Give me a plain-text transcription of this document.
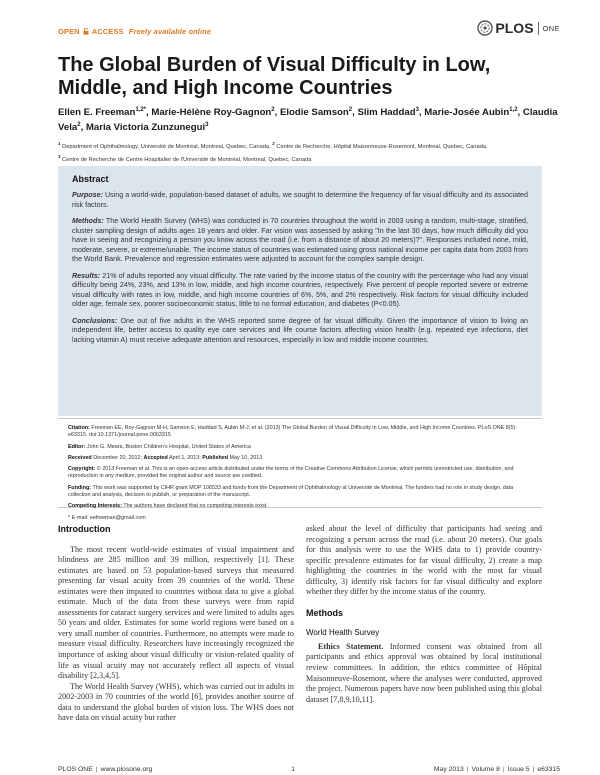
OPEN ACCESS Freely available online	PLOS ONE
The Global Burden of Visual Difficulty in Low, Middle, and High Income Countries
Ellen E. Freeman$^{1,2*}$, Marie-Hélène Roy-Gagnon$^2$, Elodie Samson$^2$, Slim Haddad$^3$, Marie-Josée Aubin$^{1,2}$, Claudia Vela$^2$, Maria Victoria Zunzunegui$^3$
$^1$ Department of Ophthalmology, Université de Montréal, Montreal, Quebec, Canada, $^2$ Centre de Recherche, Hôpital Maisonneuve-Rosemont, Montreal, Quebec, Canada,
$^3$ Centre de Recherche de Centre Hospitalier de l'Université de Montréal, Montreal, Quebec, Canada
Abstract

Purpose: Using a world-wide, population-based dataset of adults, we sought to determine the frequency of far visual difficulty and its associated risk factors.

Methods: The World Health Survey (WHS) was conducted in 70 countries throughout the world in 2003 using a random, multi-stage, stratified, cluster sampling design of adults ages 18 years and older. Far vision was assessed by asking "In the last 30 days, how much difficulty did you have in seeing and recognizing a person you know across the road (i.e. from a distance of about 20 meters)?". Responses included none, mild, moderate, severe, or extreme/unable. The income status of countries was estimated using gross national income per capita data from 2003 from the World Bank. Prevalence and regression estimates were adjusted to account for the complex sample design.

Results: 21% of adults reported any visual difficulty. The rate varied by the income status of the country with the percentage who had any visual difficulty being 24%, 23%, and 13% in low, middle, and high income countries, respectively. Five percent of people reported severe or extreme visual difficulty with rates in low, middle, and high income countries of 6%, 5%, and 2% respectively. Risk factors for visual difficulty included older age, female sex, poorer socioeconomic status, little to no formal education, and diabetes (P<0.05).

Conclusions: One out of five adults in the WHS reported some degree of far visual difficulty. Given the importance of vision to living an independent life, better access to quality eye care services and life course factors affecting vision health (e.g. repeated eye infections, diet lacking vitamin A) must receive adequate attention and resources, especially in low and middle income countries.

Citation: Freeman EE, Roy-Gagnon M-H, Samson E, Haddad S, Aubin M-J, et al. (2013) The Global Burden of Visual Difficulty in Low, Middle, and High Income Countries. PLoS ONE 8(5): e63315. doi:10.1371/journal.pone.0063315

Editor: John G. Meara, Boston Children's Hospital, United States of America

Received December 20, 2012; Accepted April 1, 2013; Published May 10, 2013

Copyright: © 2013 Freeman et al. This is an open-access article distributed under the terms of the Creative Commons Attribution License, which permits unrestricted use, distribution, and reproduction in any medium, provided the original author and source are credited.

Funding: This work was supported by CIHR grant MOP 106533 and funds from the Department of Ophthalmology at Université de Montréal. The funders had no role in study design, data collection and analysis, decision to publish, or preparation of the manuscript.

Competing Interests: The authors have declared that no competing interests exist.

* E-mail: eefreeman@gmail.com

Introduction

The most recent world-wide estimates of visual impairment and blindness are 285 million and 39 million, respectively [1]. These estimates are based on 53 population-based surveys that measured presenting far visual acuity from 39 countries of the world. These estimates were then imputed to countries without data to give a global estimate. Much of the data from these surveys were from rapid assessments for cataract surgery services and were limited to adults ages 50 years and older. Estimates for some world regions were based on a very small number of countries. Furthermore, no attempts were made to measure visual difficulty. Researchers have increasingly recognized the importance of asking about visual difficulty or vision-related quality of life as visual acuity may not accurately reflect all aspects of visual disability [2,3,4,5].

The World Health Survey (WHS), which was carried out in adults in 2002-2003 in 70 countries of the world [6], provides another source of data to understand the global burden of vision loss. The WHS does not have data on visual acuity but rather

asked about the level of difficulty that participants had seeing and recognizing a person across the road (i.e. about 20 meters). Our goals for this analysis were to use the WHS data to 1) provide country-specific prevalence estimates for far visual difficulty, 2) create a map highlighting the countries in the world with the most far visual difficulty, 3) identify risk factors for far visual difficulty and explore whether they differ by the income status of the country.

Methods
World Health Survey

Ethics Statement. Informed consent was obtained from all participants and ethics approval was obtained by local institutional review committees. In addition, the ethics committee of Hôpital Maisonneuve-Rosemont, where the analyses were conducted, approved the project. Numerous papers have now been published using this global dataset [7,8,9,10,11].

PLOS ONE | www.plosone.org	1	May 2013 | Volume 8 | Issue 5 | e63315
